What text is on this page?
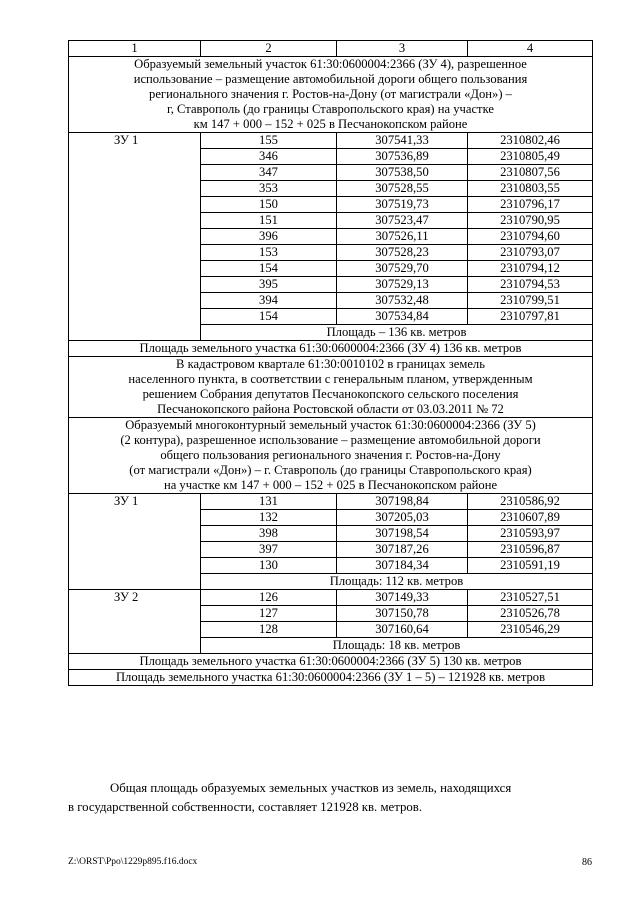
1	2	3	4

Образуемый земельный участок 61:30:0600004:2366 (ЗУ 4), разрешенное
использование – размещение автомобильной дороги общего пользования
регионального значения г. Ростов-на-Дону (от магистрали «Дон») –
г, Ставрополь (до границы Ставропольского края) на участке
км 147 + 000 – 152 + 025 в Песчанокопском районе			

ЗУ 1	155	307541,33	2310802,46
	346	307536,89	2310805,49
	347	307538,50	2310807,56
	353	307528,55	2310803,55
	150	307519,73	2310796,17
	151	307523,47	2310790,95
	396	307526,11	2310794,60
	153	307528,23	2310793,07
	154	307529,70	2310794,12
	395	307529,13	2310794,53
	394	307532,48	2310799,51
	154	307534,84	2310797,81
	Площадь – 136 кв. метров		
Площадь земельного участка 61:30:0600004:2366 (ЗУ 4) 136 кв. метров			

В кадастровом квартале 61:30:0010102 в границах земель
населенного пункта, в соответствии с генеральным планом, утвержденным
решением Собрания депутатов Песчанокопского сельского поселения
Песчанокопского района Ростовской области от 03.03.2011 № 72			

Образуемый многоконтурный земельный участок 61:30:0600004:2366 (ЗУ 5)
(2 контура), разрешенное использование – размещение автомобильной дороги
общего пользования регионального значения г. Ростов-на-Дону
(от магистрали «Дон») – г. Ставрополь (до границы Ставропольского края)
на участке км 147 + 000 – 152 + 025 в Песчанокопском районе			

ЗУ 1	131	307198,84	2310586,92
	132	307205,03	2310607,89
	398	307198,54	2310593,97
	397	307187,26	2310596,87
	130	307184,34	2310591,19
	Площадь: 112 кв. метров		
ЗУ 2	126	307149,33	2310527,51
	127	307150,78	2310526,78
	128	307160,64	2310546,29
	Площадь: 18 кв. метров		
Площадь земельного участка 61:30:0600004:2366 (ЗУ 5) 130 кв. метров			
Площадь земельного участка 61:30:0600004:2366 (ЗУ 1 – 5) – 121928 кв. метров			
Общая площадь образуемых земельных участков из земель, находящихся
в государственной собственности, составляет 121928 кв. метров.
Z:\ORST\Ppo\1229p895.f16.docx	86
